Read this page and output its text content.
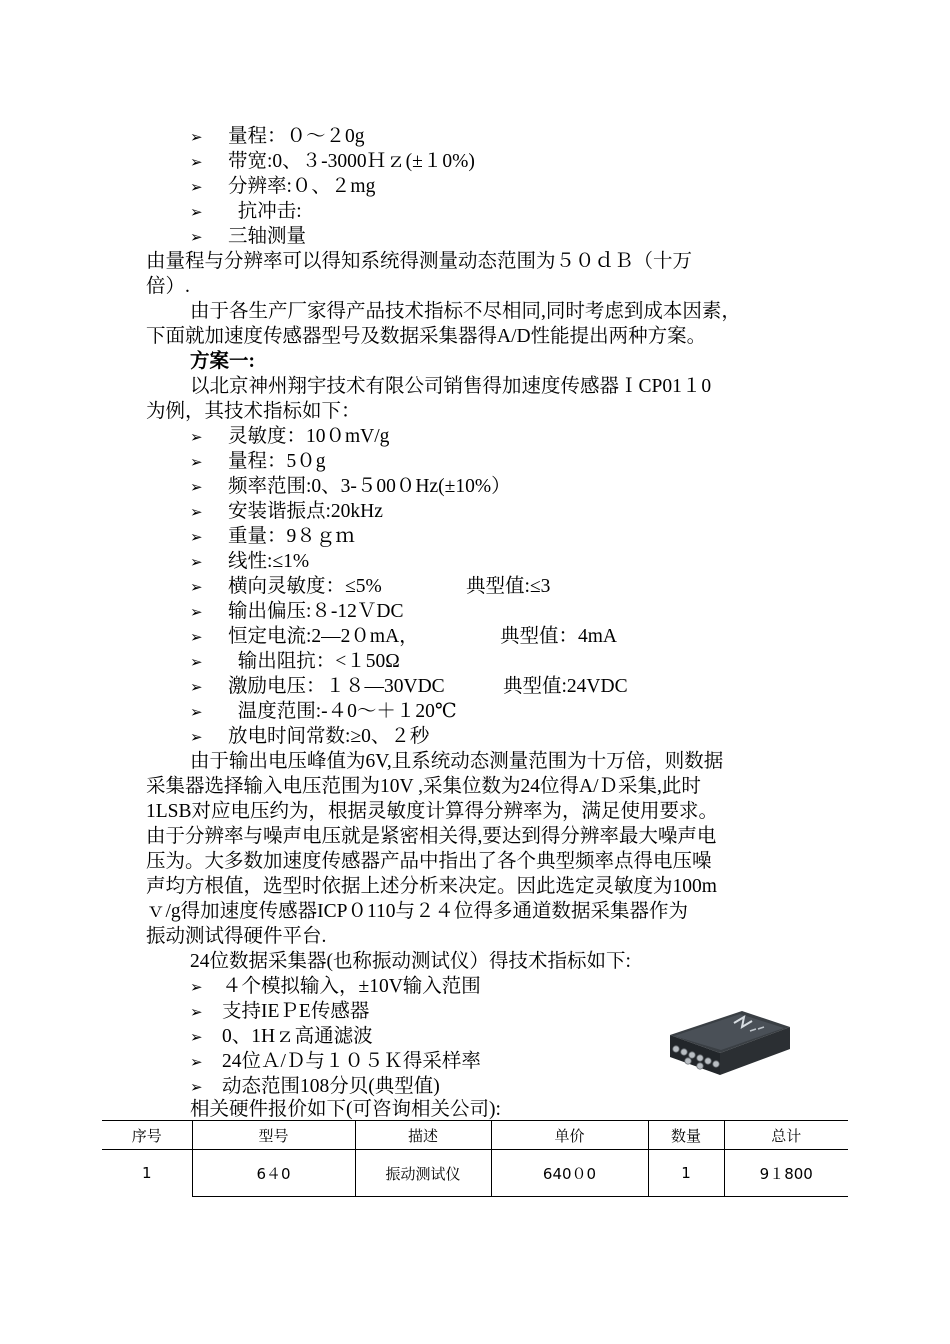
➢ 量程：０～２0g
➢ 带宽:0、３-3000Ｈｚ(±１0%)
➢ 分辨率:０、２mg
➢  抗冲击:
➢ 三轴测量
由量程与分辨率可以得知系统得测量动态范围为５０ｄＢ（十万
倍）.
由于各生产厂家得产品技术指标不尽相同,同时考虑到成本因素，
下面就加速度传感器型号及数据采集器得A/D性能提出两种方案。
方案一:
以北京神州翔宇技术有限公司销售得加速度传感器ＩCP01１0
为例，其技术指标如下：
➢ 灵敏度：10０mV/g
➢ 量程：5０g
➢ 频率范围:0、3-５00０Hz(±10%）
➢ 安装谐振点:20kHz
➢ 重量：9８ｇｍ
➢ 线性:≤1%
➢ 横向灵敏度：≤5%	典型值:≤3
➢ 输出偏压:８-12ＶDC
➢ 恒定电流:2—2０mA，	典型值：4mA
➢  输出阻抗：<１50Ω
➢ 激励电压：１８—30VDC	典型值:24VDC
➢  温度范围:-４0～＋１20℃
➢ 放电时间常数:≥0、２秒
由于输出电压峰值为6V,且系统动态测量范围为十万倍，则数据
采集器选择输入电压范围为10V ,采集位数为24位得A/Ｄ采集,此时
1LSB对应电压约为，根据灵敏度计算得分辨率为，满足使用要求。
由于分辨率与噪声电压就是紧密相关得,要达到得分辨率最大噪声电
压为。大多数加速度传感器产品中指出了各个典型频率点得电压噪
声均方根值，选型时依据上述分析来决定。因此选定灵敏度为100m
ｖ/g得加速度传感器ICP０110与２４位得多通道数据采集器作为
振动测试得硬件平台.
24位数据采集器(也称振动测试仪）得技术指标如下:
➢ ４个模拟输入，±10V输入范围
➢ 支持IEＰE传感器
➢ 0、1Hｚ高通滤波
➢ 24位Ａ/Ｄ与１０５Ｋ得采样率
➢ 动态范围108分贝(典型值)
相关硬件报价如下(可咨询相关公司):
序号	型号	描述	单价	数量	总计
1	6４0	振动测试仪	640０0	1	9１800
